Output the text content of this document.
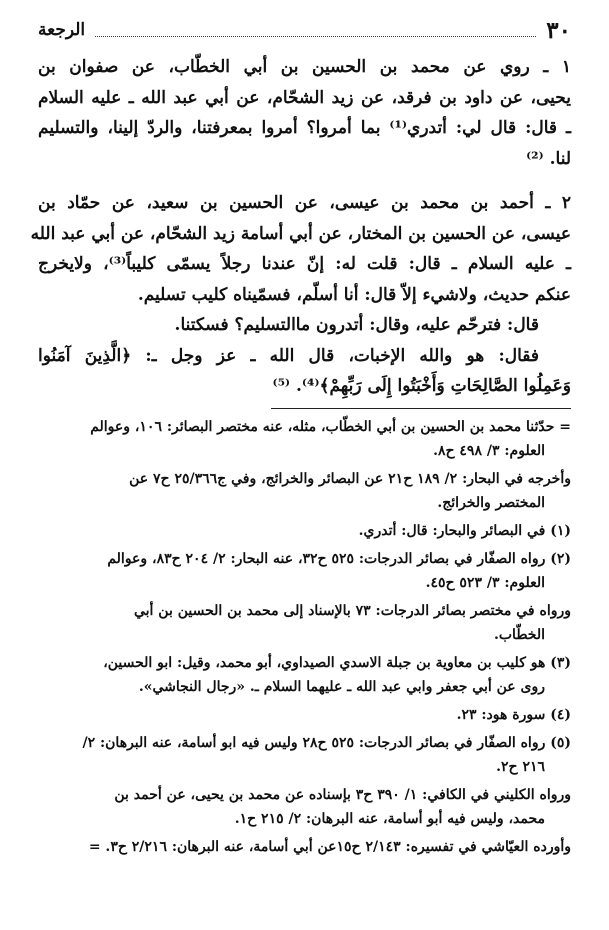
٣٠
الرجعة

١ ـ روي عن محمد بن الحسين بن أبي الخطّاب، عن صفوان بن
يحيى، عن داود بن فرقد، عن زيد الشحّام، عن أبي عبد الله ـ عليه السلام
ـ قال: قال لي: أتدري⁽¹⁾ بما أمروا؟ أمروا بمعرفتنا، والردّ إلينا، والتسليم
لنا. ⁽²⁾

٢ ـ أحمد بن محمد بن عيسى، عن الحسين بن سعيد، عن حمّاد بن
عيسى، عن الحسين بن المختار، عن أبي أسامة زيد الشحّام، عن أبي عبد الله
ـ عليه السلام ـ قال: قلت له: إنّ عندنا رجلاً يسمّى كليباً⁽³⁾، ولايخرج
عنكم حديث، ولاشيء إلاّ قال: أنا أسلّم، فسمّيناه كليب تسليم.
قال: فترحّم عليه، وقال: أتدرون ماالتسليم؟ فسكتنا.
فقال: هو والله الإخبات، قال الله ـ عز وجل ـ: ﴿الَّذِينَ آمَنُوا
وَعَمِلُوا الصَّالِحَاتِ وَأَخْبَتُوا إِلَى رَبِّهِمْ﴾⁽⁴⁾. ⁽⁵⁾

= حدّثنا محمد بن الحسين بن أبي الخطّاب، مثله، عنه مختصر البصائر: ١٠٦، وعوالم
العلوم: ٣/ ٤٩٨ ح٨.
وأخرجه في البحار: ٢/ ١٨٩ ح٢١ عن البصائر والخرائج، وفي ج٢٥/٣٦٦ ح٧ عن
المختصر والخرائج.
(١) في البصائر والبحار: قال: أتدري.
(٢) رواه الصفّار في بصائر الدرجات: ٥٢٥ ح٣٢، عنه البحار: ٢/ ٢٠٤ ح٨٣، وعوالم
العلوم: ٣/ ٥٢٣ ح٤٥.
ورواه في مختصر بصائر الدرجات: ٧٣ بالإسناد إلى محمد بن الحسين بن أبي
الخطّاب.
(٣) هو كليب بن معاوية بن جبلة الاسدي الصيداوي، أبو محمد، وقيل: ابو الحسين،
روى عن أبي جعفر وابي عبد الله ـ عليهما السلام ـ. «رجال النجاشي».
(٤) سورة هود: ٢٣.
(٥) رواه الصفّار في بصائر الدرجات: ٥٢٥ ح٢٨ وليس فيه ابو أسامة، عنه البرهان: ٢/
٢١٦ ح٢.
ورواه الكليني في الكافي: ١/ ٣٩٠ ح٣ بإسناده عن محمد بن يحيى، عن أحمد بن
محمد، وليس فيه أبو أسامة، عنه البرهان: ٢/ ٢١٥ ح١.
وأورده العيّاشي في تفسيره: ٢/١٤٣ ح١٥عن أبي أسامة، عنه البرهان: ٢/٢١٦ ح٣. =
